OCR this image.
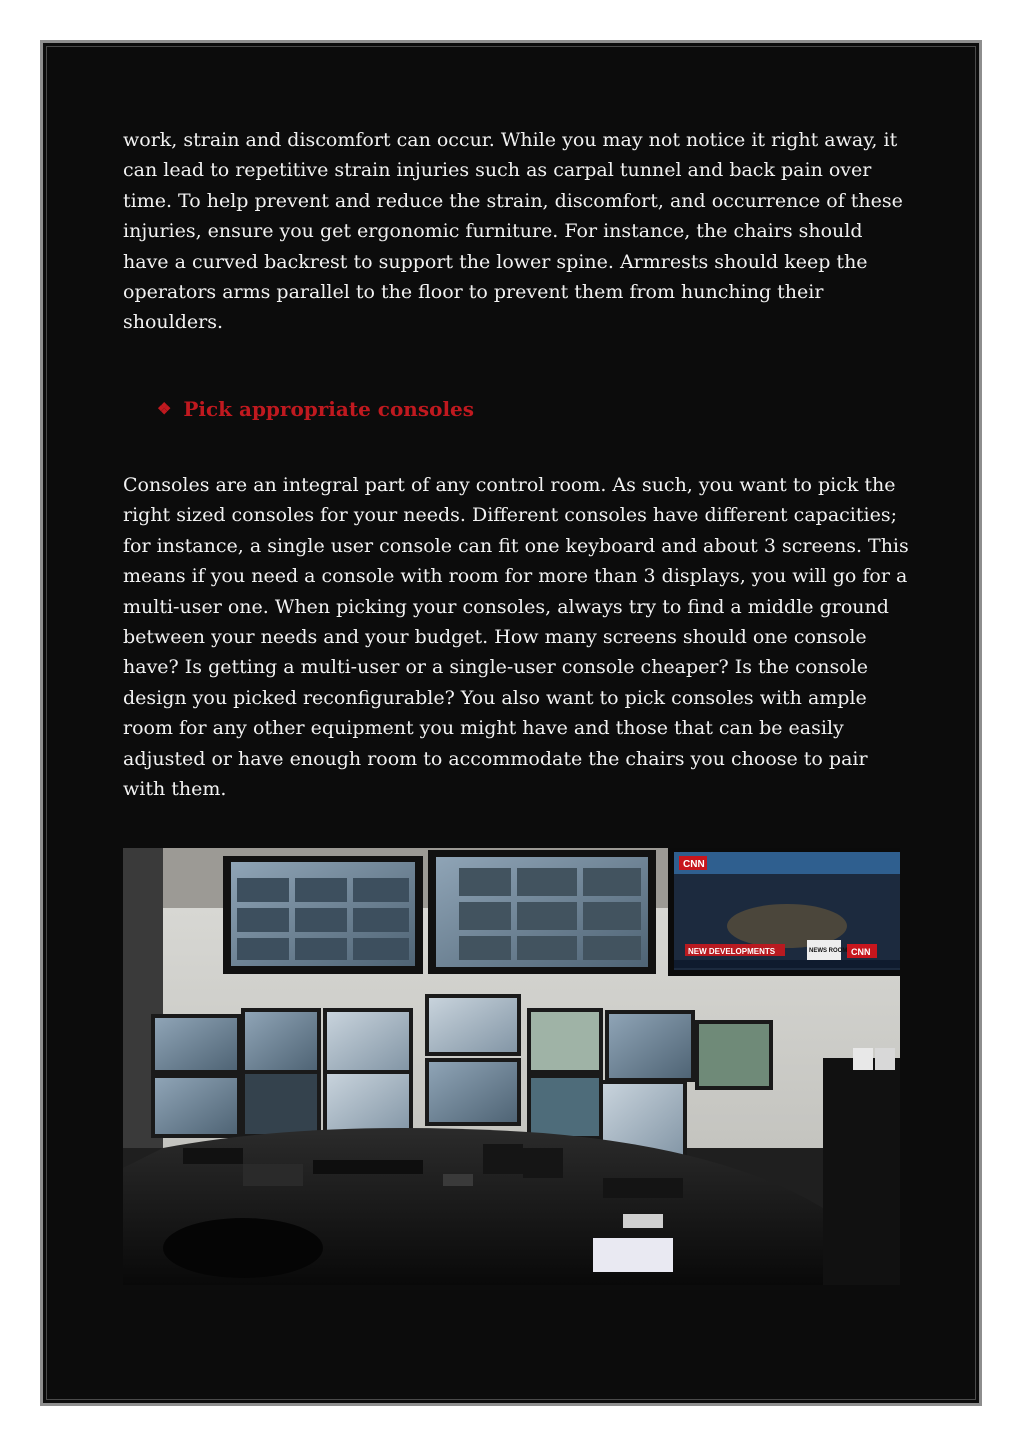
work, strain and discomfort can occur. While you may not notice it right away, it can lead to repetitive strain injuries such as carpal tunnel and back pain over time. To help prevent and reduce the strain, discomfort, and occurrence of these injuries, ensure you get ergonomic furniture. For instance, the chairs should have a curved backrest to support the lower spine. Armrests should keep the operators arms parallel to the floor to prevent them from hunching their shoulders.

❖ Pick appropriate consoles

Consoles are an integral part of any control room. As such, you want to pick the right sized consoles for your needs. Different consoles have different capacities; for instance, a single user console can fit one keyboard and about 3 screens. This means if you need a console with room for more than 3 displays, you will go for a multi-user one. When picking your consoles, always try to find a middle ground between your needs and your budget. How many screens should one console have? Is getting a multi-user or a single-user console cheaper? Is the console design you picked reconfigurable? You also want to pick consoles with ample room for any other equipment you might have and those that can be easily adjusted or have enough room to accommodate the chairs you choose to pair with them.

CNN
NEW DEVELOPMENTS	NEWS ROOM CNN
